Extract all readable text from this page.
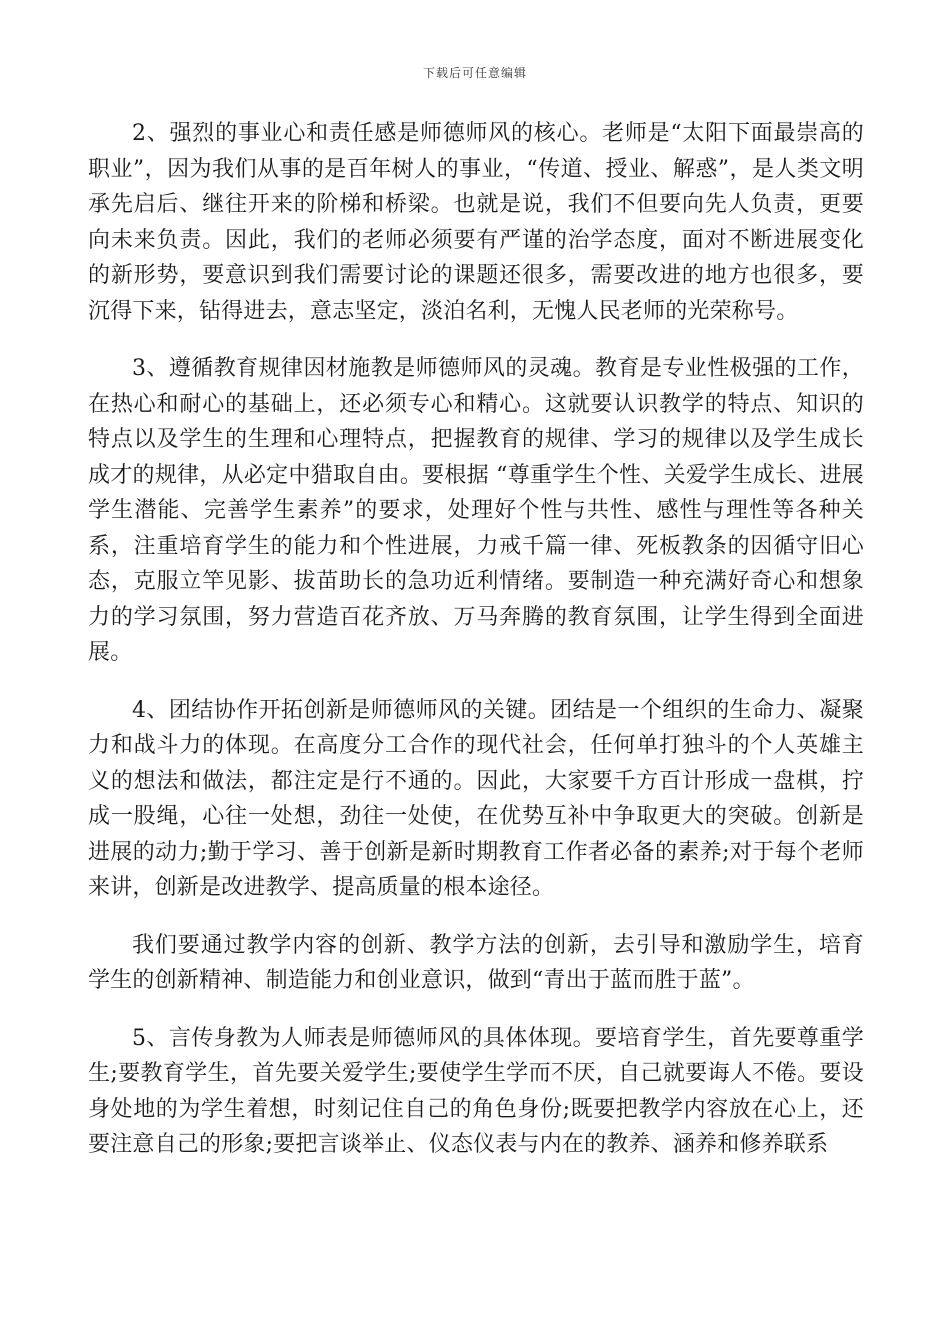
下载后可任意编辑

2、强烈的事业心和责任感是师德师风的核心。老师是“太阳下面最崇高的职业”，因为我们从事的是百年树人的事业，“传道、授业、解惑”，是人类文明承先启后、继往开来的阶梯和桥梁。也就是说，我们不但要向先人负责，更要向未来负责。因此，我们的老师必须要有严谨的治学态度，面对不断进展变化的新形势，要意识到我们需要讨论的课题还很多，需要改进的地方也很多，要沉得下来，钻得进去，意志坚定，淡泊名利，无愧人民老师的光荣称号。

3、遵循教育规律因材施教是师德师风的灵魂。教育是专业性极强的工作，在热心和耐心的基础上，还必须专心和精心。这就要认识教学的特点、知识的特点以及学生的生理和心理特点，把握教育的规律、学习的规律以及学生成长成才的规律，从必定中猎取自由。要根据 “尊重学生个性、关爱学生成长、进展学生潜能、完善学生素养”的要求，处理好个性与共性、感性与理性等各种关系，注重培育学生的能力和个性进展，力戒千篇一律、死板教条的因循守旧心态，克服立竿见影、拔苗助长的急功近利情绪。要制造一种充满好奇心和想象力的学习氛围，努力营造百花齐放、万马奔腾的教育氛围，让学生得到全面进展。

4、团结协作开拓创新是师德师风的关键。团结是一个组织的生命力、凝聚力和战斗力的体现。在高度分工合作的现代社会，任何单打独斗的个人英雄主义的想法和做法，都注定是行不通的。因此，大家要千方百计形成一盘棋，拧成一股绳，心往一处想，劲往一处使，在优势互补中争取更大的突破。创新是进展的动力;勤于学习、善于创新是新时期教育工作者必备的素养;对于每个老师来讲，创新是改进教学、提高质量的根本途径。

我们要通过教学内容的创新、教学方法的创新，去引导和激励学生，培育学生的创新精神、制造能力和创业意识，做到“青出于蓝而胜于蓝”。

5、言传身教为人师表是师德师风的具体体现。要培育学生，首先要尊重学生;要教育学生，首先要关爱学生;要使学生学而不厌，自己就要诲人不倦。要设身处地的为学生着想，时刻记住自己的角色身份;既要把教学内容放在心上，还要注意自己的形象;要把言谈举止、仪态仪表与内在的教养、涵养和修养联系
